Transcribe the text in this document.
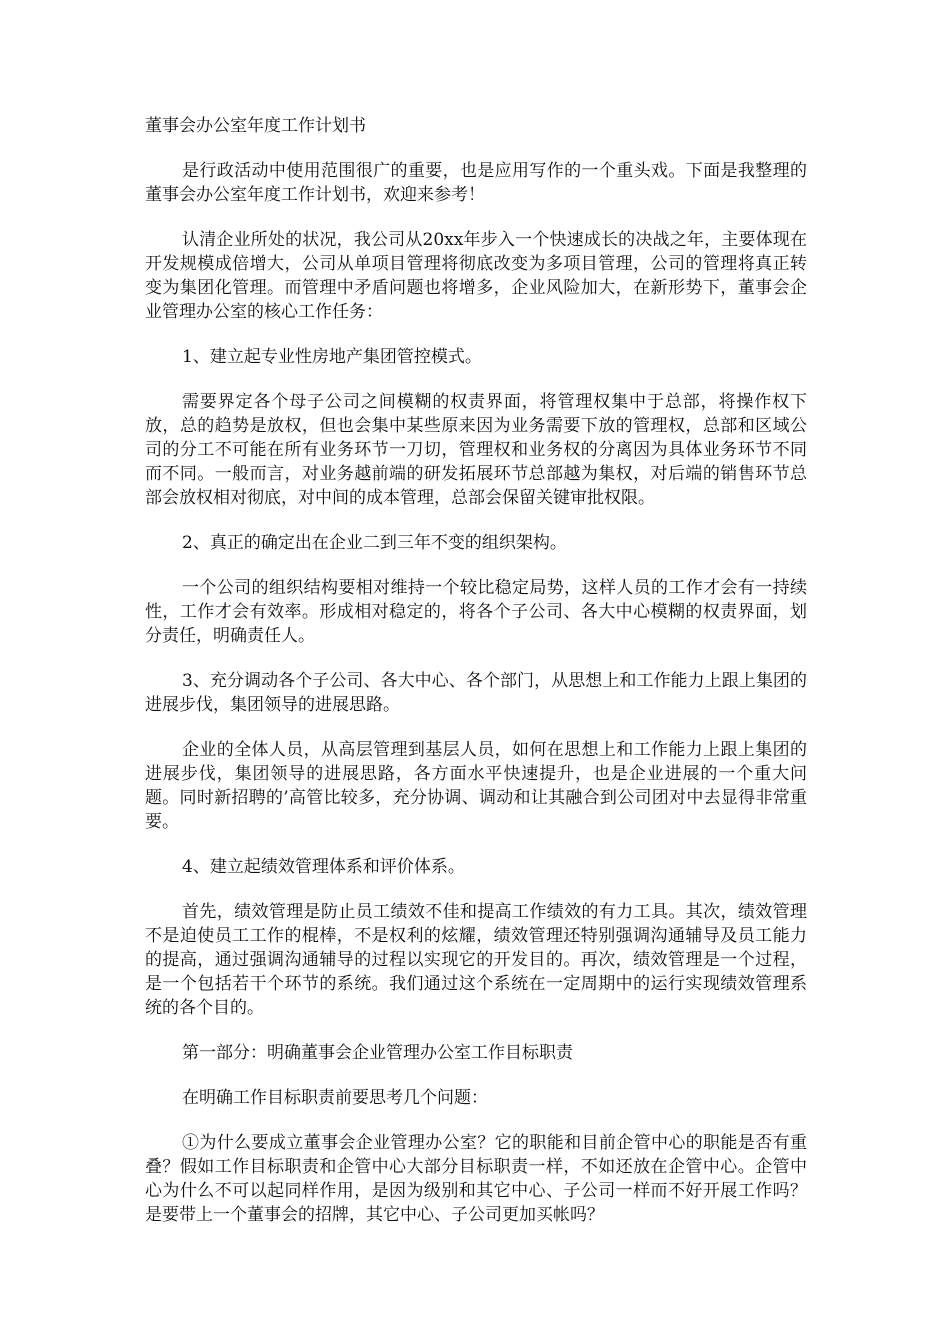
董事会办公室年度工作计划书

是行政活动中使用范围很广的重要，也是应用写作的一个重头戏。下面是我整理的董事会办公室年度工作计划书，欢迎来参考！

认清企业所处的状况，我公司从20xx年步入一个快速成长的决战之年，主要体现在开发规模成倍增大，公司从单项目管理将彻底改变为多项目管理，公司的管理将真正转变为集团化管理。而管理中矛盾问题也将增多，企业风险加大，在新形势下，董事会企业管理办公室的核心工作任务：

1、建立起专业性房地产集团管控模式。

需要界定各个母子公司之间模糊的权责界面，将管理权集中于总部，将操作权下放，总的趋势是放权，但也会集中某些原来因为业务需要下放的管理权，总部和区域公司的分工不可能在所有业务环节一刀切，管理权和业务权的分离因为具体业务环节不同而不同。一般而言，对业务越前端的研发拓展环节总部越为集权，对后端的销售环节总部会放权相对彻底，对中间的成本管理，总部会保留关键审批权限。

2、真正的确定出在企业二到三年不变的组织架构。

一个公司的组织结构要相对维持一个较比稳定局势，这样人员的工作才会有一持续性，工作才会有效率。形成相对稳定的，将各个子公司、各大中心模糊的权责界面，划分责任，明确责任人。

3、充分调动各个子公司、各大中心、各个部门，从思想上和工作能力上跟上集团的进展步伐，集团领导的进展思路。

企业的全体人员，从高层管理到基层人员，如何在思想上和工作能力上跟上集团的进展步伐，集团领导的进展思路，各方面水平快速提升，也是企业进展的一个重大问题。同时新招聘的’高管比较多，充分协调、调动和让其融合到公司团对中去显得非常重要。

4、建立起绩效管理体系和评价体系。

首先，绩效管理是防止员工绩效不佳和提高工作绩效的有力工具。其次，绩效管理不是迫使员工工作的棍棒，不是权利的炫耀，绩效管理还特别强调沟通辅导及员工能力的提高，通过强调沟通辅导的过程以实现它的开发目的。再次，绩效管理是一个过程，是一个包括若干个环节的系统。我们通过这个系统在一定周期中的运行实现绩效管理系统的各个目的。

第一部分：明确董事会企业管理办公室工作目标职责

在明确工作目标职责前要思考几个问题：

①为什么要成立董事会企业管理办公室？它的职能和目前企管中心的职能是否有重叠？假如工作目标职责和企管中心大部分目标职责一样，不如还放在企管中心。企管中心为什么不可以起同样作用，是因为级别和其它中心、子公司一样而不好开展工作吗？是要带上一个董事会的招牌，其它中心、子公司更加买帐吗？
